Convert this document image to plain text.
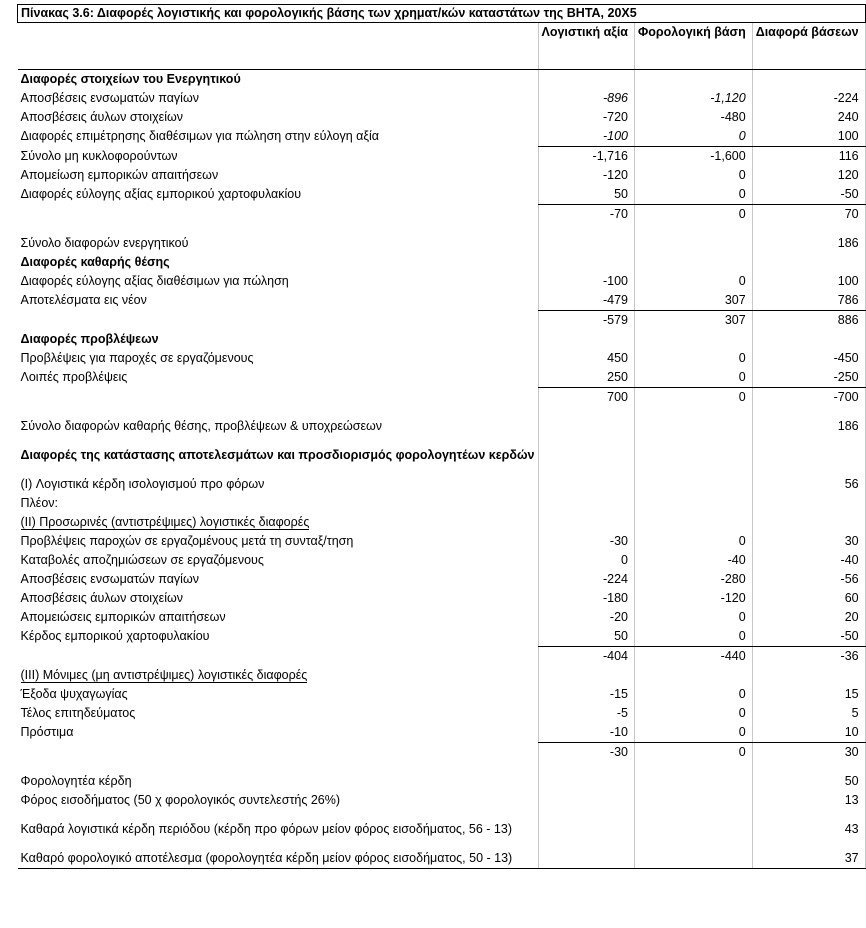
Πίνακας 3.6: Διαφορές λογιστικής και φορολογικής βάσης των χρηματ/κών καταστάτων της ΒΗΤΑ, 20Χ5			
	Λογιστική αξία	Φορολογική βάση	Διαφορά βάσεων
Διαφορές στοιχείων του Ενεργητικού			
Αποσβέσεις ενσωματών παγίων	-896	-1,120	-224
Αποσβέσεις άυλων στοιχείων	-720	-480	240
Διαφορές επιμέτρησης διαθέσιμων για πώληση στην εύλογη αξία	-100	0	100
Σύνολο μη κυκλοφορούντων	-1,716	-1,600	116
Απομείωση εμπορικών απαιτήσεων	-120	0	120
Διαφορές εύλογης αξίας εμπορικού χαρτοφυλακίου	50	0	-50
	-70	0	70

Σύνολο διαφορών ενεργητικού			186
Διαφορές καθαρής θέσης			
Διαφορές εύλογης αξίας διαθέσιμων για πώληση	-100	0	100
Αποτελέσματα εις νέον	-479	307	786
	-579	307	886
Διαφορές προβλέψεων			
Προβλέψεις για παροχές σε εργαζόμενους	450	0	-450
Λοιπές προβλέψεις	250	0	-250
	700	0	-700

Σύνολο διαφορών καθαρής θέσης, προβλέψεων & υποχρεώσεων			186

Διαφορές της κατάστασης αποτελεσμάτων και προσδιορισμός φορολογητέων κερδών			

(I) Λογιστικά κέρδη ισολογισμού προ φόρων			56
Πλέον:			
(II) Προσωρινές (αντιστρέψιμες) λογιστικές διαφορές			
Προβλέψεις παροχών σε εργαζομένους μετά τη συνταξ/τηση	-30	0	30
Καταβολές αποζημιώσεων σε εργαζόμενους	0	-40	-40
Αποσβέσεις ενσωματών παγίων	-224	-280	-56
Αποσβέσεις άυλων στοιχείων	-180	-120	60
Απομειώσεις εμπορικών απαιτήσεων	-20	0	20
Κέρδος εμπορικού χαρτοφυλακίου	50	0	-50
	-404	-440	-36
(III) Μόνιμες (μη αντιστρέψιμες) λογιστικές διαφορές			
Έξοδα ψυχαγωγίας	-15	0	15
Τέλος επιτηδεύματος	-5	0	5
Πρόστιμα	-10	0	10
	-30	0	30

Φορολογητέα κέρδη			50
Φόρος εισοδήματος (50 χ φορολογικός συντελεστής 26%)			13

Καθαρά λογιστικά κέρδη περιόδου (κέρδη προ φόρων μείον φόρος εισοδήματος, 56 - 13)			43

Καθαρό φορολογικό αποτέλεσμα (φορολογητέα κέρδη μείον φόρος εισοδήματος, 50 - 13)			37
